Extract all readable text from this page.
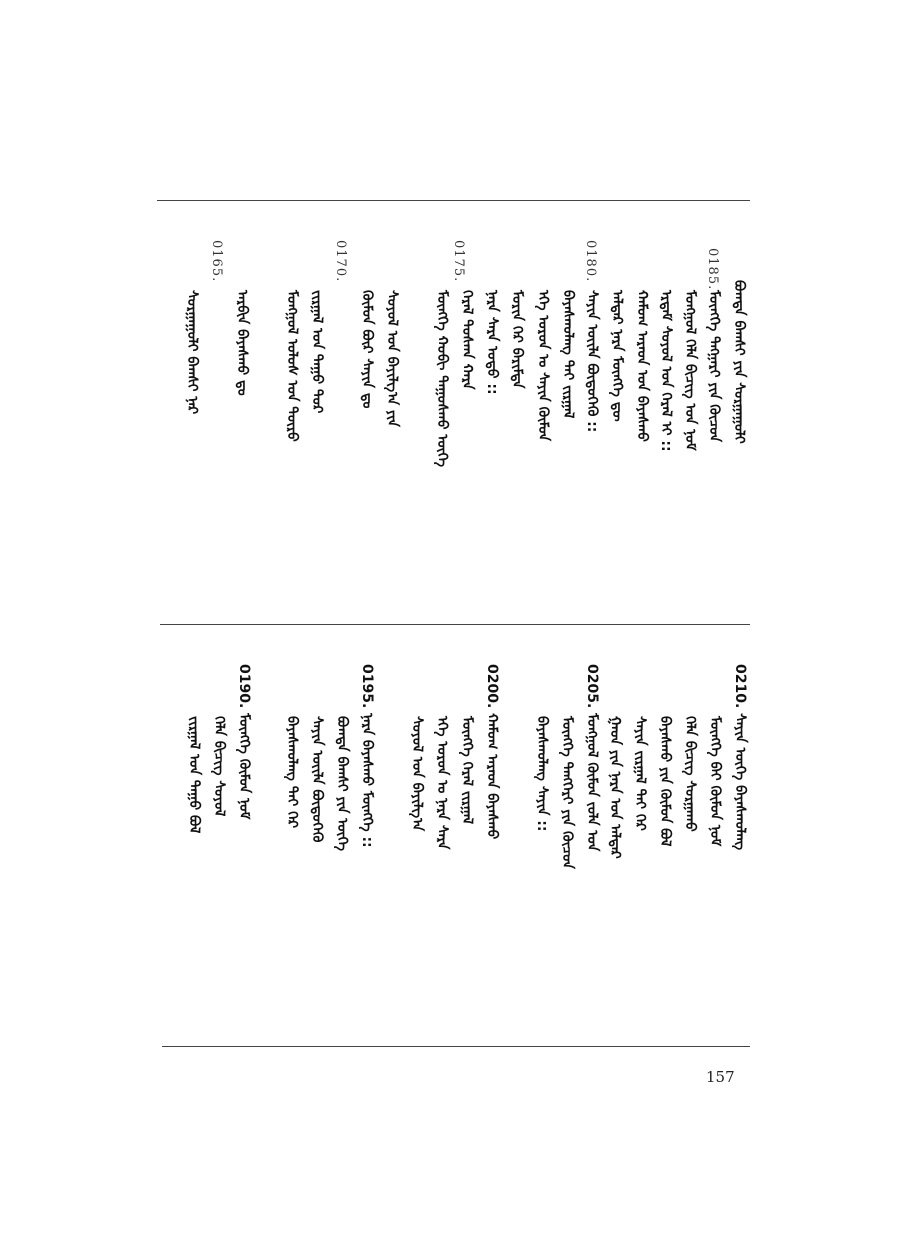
0185.
0180.
0175.
0170.
0165.
ᠪᠣᠭᠳᠠ ᠪᠠᠭᠰᠢ ᠶᠢᠨ ᠰᠤᠷᠭᠠᠭᠤᠯᠢ
ᠮᠥᠨᠭᠬᠡ ᠲᠩᠭᠠᠷᠢ ᠶᠢᠨ ᠬᠦᠴᠦᠨ
ᠮᠣᠩᠭᠣᠯ ᠬᠡᠯᠡ ᠪᠢᠴᠢᠭ ᠤᠨ ᠨᠣᠮ
ᠡᠷᠳᠡᠮ ᠰᠣᠶᠣᠯ ᠤᠨ ᠭᠡᠷᠡᠯ ᠢ ::
ᠬᠠᠮᠤᠭ ᠠᠷᠠᠳ ᠤᠨ ᠪᠠᠶᠠᠰᠬᠤ
ᠠᠯᠳᠠᠷ ᠨᠡᠷᠡ ᠮᠥᠩᠬᠡ ᠳᠦ
ᠰᠠᠶᠢᠨ ᠦᠢᠯᠡ ᠪᠦᠲᠦᠭᠡᠬᠦ ::
ᠪᠠᠶᠠᠰᠬᠤᠯᠠᠩ ᠲᠠᠢ ᠵᠢᠷᠭᠠᠯ
ᠡᠬᠡ ᠣᠷᠣᠨ ᠤ ᠰᠠᠶᠢᠨ ᠬᠦᠮᠦᠨ
ᠮᠣᠷᠢᠨ ᠭᠡᠷ ᠪᠠᠷᠢᠮᠲᠠ
ᠨᠠᠷᠠ ᠰᠠᠷᠠ ᠣᠳᠣ ::
ᠭᠡᠷᠡᠯ ᠲᠤᠰᠬᠠ ᠬᠠᠷᠠ
ᠮᠥᠩᠬᠡ ᠬᠤᠪᠢ ᠳᠠᠭᠤᠰᠬᠤ ᠦᠭᠡ
ᠰᠣᠶᠣᠯ ᠤᠨ ᠪᠠᠶᠢᠯᠭ᠎ᠠ ᠶᠢᠨ
ᠬᠦᠮᠦᠨ ᠪᠦᠷ ᠰᠠᠶᠢᠨ ᠳᠤ
ᠵᠢᠷᠭᠠᠯ ᠤᠨ ᠳᠠᠭᠤ ᠳᠤᠷ
ᠮᠣᠩᠭᠣᠯ ᠤᠯᠤᠰ ᠤᠨ ᠲᠦᠷᠦ
ᠠᠷᠪᠢᠨ ᠪᠠᠶᠠᠰᠬᠤ ᠳᠤ
ᠰᠤᠷᠭᠠᠭᠤᠯᠢ ᠪᠠᠭᠰᠢ ᠨᠠᠷ
0210. ᠰᠠᠶᠢᠨ ᠦᠭᠡ ᠪᠠᠶᠠᠰᠬᠤᠯᠠᠩ
ᠮᠥᠩᠬᠡ ᠪᠠᠢ ᠬᠦᠮᠦᠨ ᠨᠣᠮ
ᠬᠡᠯᠡ ᠪᠢᠴᠢᠭ ᠰᠤᠷᠭᠠᠬᠤ
ᠪᠠᠶᠠᠰᠬᠤ ᠶᠢᠨ ᠬᠦᠮᠦᠨ ᠪᠣᠯ
ᠰᠠᠶᠢᠨ ᠵᠢᠷᠭᠠᠯ ᠲᠠᠢ ᠭᠡᠷ
ᠭᠠᠳ ᠶᠢᠨ ᠨᠡᠷᠡ ᠤᠨ ᠠᠯᠳᠠᠷ
0205. ᠮᠣᠩᠭᠣᠯ ᠬᠦᠮᠦᠨ ᠵᠤᠯᠠ ᠤᠨ
ᠮᠥᠩᠬᠡ ᠲᠡᠩᠭᠡᠷᠢ ᠶᠢᠨ ᠬᠦᠴᠦᠨ
ᠪᠠᠶᠠᠰᠬᠤᠯᠠᠩ ᠰᠠᠶᠢᠨ ::
0200. ᠬᠠᠮᠤᠭ ᠠᠷᠠᠳ ᠪᠠᠶᠠᠰᠬᠤ
ᠮᠥᠩᠬᠡ ᠭᠡᠷᠡᠯ ᠵᠢᠷᠭᠠᠯ
ᠡᠬᠡ ᠣᠷᠣᠨ ᠤ ᠨᠠᠷᠠ ᠰᠠᠷᠠ
ᠰᠣᠶᠣᠯ ᠤᠨ ᠪᠠᠶᠢᠯᠭ᠎ᠠ
0195. ᠨᠠᠷᠠ ᠪᠠᠶᠠᠰᠬᠤ ᠮᠥᠩᠬᠡ ::
ᠪᠣᠭᠳᠠ ᠪᠠᠭᠰᠢ ᠶᠢᠨ ᠦᠭᠡ
ᠰᠠᠶᠢᠨ ᠦᠢᠯᠡ ᠪᠦᠲᠦᠭᠡᠬᠦ
ᠪᠠᠶᠠᠰᠬᠤᠯᠠᠩ ᠲᠠᠢ ᠭᠡᠷ
0190. ᠮᠥᠩᠬᠡ ᠬᠦᠮᠦᠨ ᠨᠣᠮ
ᠬᠡᠯᠡ ᠪᠢᠴᠢᠭ ᠰᠣᠶᠣᠯ
ᠵᠢᠷᠭᠠᠯ ᠤᠨ ᠳᠠᠭᠤ ᠪᠣᠯ
157
